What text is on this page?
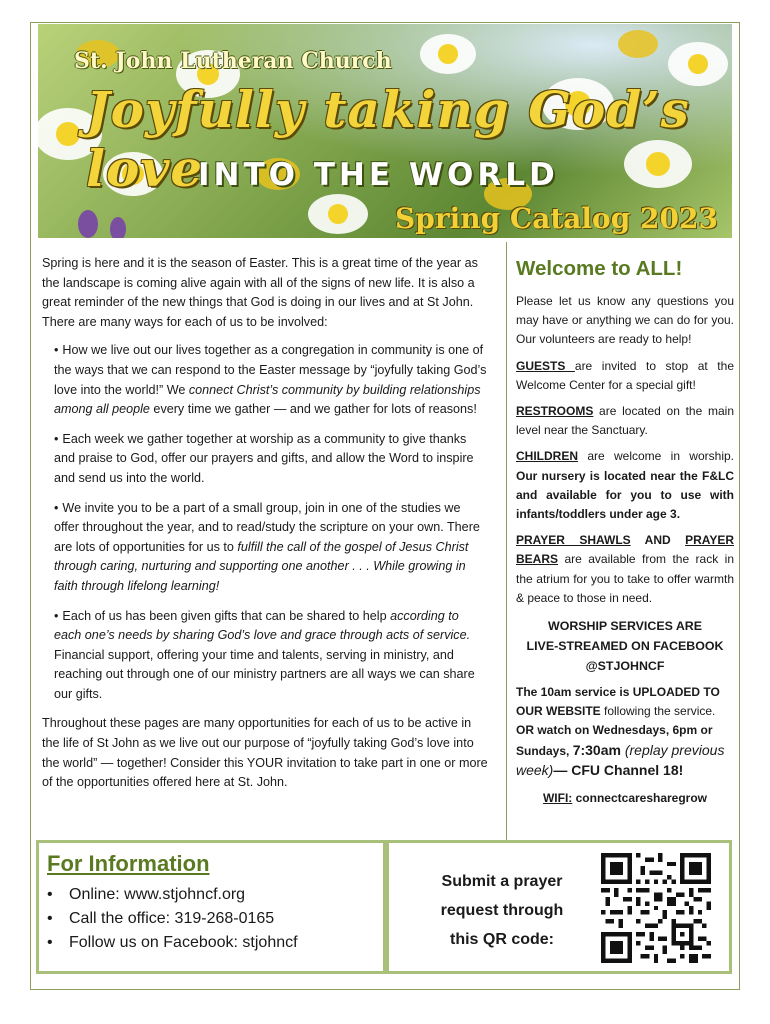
St. John Lutheran Church
Joyfully taking God’s love
INTO THE WORLD
Spring Catalog 2023

Spring is here and it is the season of Easter. This is a great time of the year as the landscape is coming alive again with all of the signs of new life. It is also a great reminder of the new things that God is doing in our lives and at St John. There are many ways for each of us to be involved:

• How we live out our lives together as a congregation in community is one of the ways that we can respond to the Easter message by “joyfully taking God’s love into the world!” We connect Christ’s community by building relationships among all people every time we gather — and we gather for lots of reasons!

• Each week we gather together at worship as a community to give thanks and praise to God, offer our prayers and gifts, and allow the Word to inspire and send us into the world.

• We invite you to be a part of a small group, join in one of the studies we offer throughout the year, and to read/study the scripture on your own. There are lots of opportunities for us to fulfill the call of the gospel of Jesus Christ through caring, nurturing and supporting one another . . . While growing in faith through lifelong learning!

• Each of us has been given gifts that can be shared to help according to each one’s needs by sharing God’s love and grace through acts of service. Financial support, offering your time and talents, serving in ministry, and reaching out through one of our ministry partners are all ways we can share our gifts.

Throughout these pages are many opportunities for each of us to be active in the life of St John as we live out our purpose of “joyfully taking God’s love into the world” — together! Consider this YOUR invitation to take part in one or more of the opportunities offered here at St. John.

Welcome to ALL!

Please let us know any questions you may have or anything we can do for you. Our volunteers are ready to help!

GUESTS are invited to stop at the Welcome Center for a special gift!

RESTROOMS are located on the main level near the Sanctuary.

CHILDREN are welcome in worship. Our nursery is located near the F&LC and available for you to use with infants/toddlers under age 3.

PRAYER SHAWLS AND PRAYER BEARS are available from the rack in the atrium for you to take to offer warmth & peace to those in need.

WORSHIP SERVICES ARE
LIVE-STREAMED ON FACEBOOK
@STJOHNCF

The 10am service is UPLOADED TO OUR WEBSITE following the service. OR watch on Wednesdays, 6pm or Sundays, 7:30am (replay previous week)— CFU Channel 18!

WIFI: connectcaresharegrow

For Information
• Online: www.stjohncf.org
• Call the office: 319-268-0165
• Follow us on Facebook: stjohncf
Submit a prayer
request through
this QR code:
